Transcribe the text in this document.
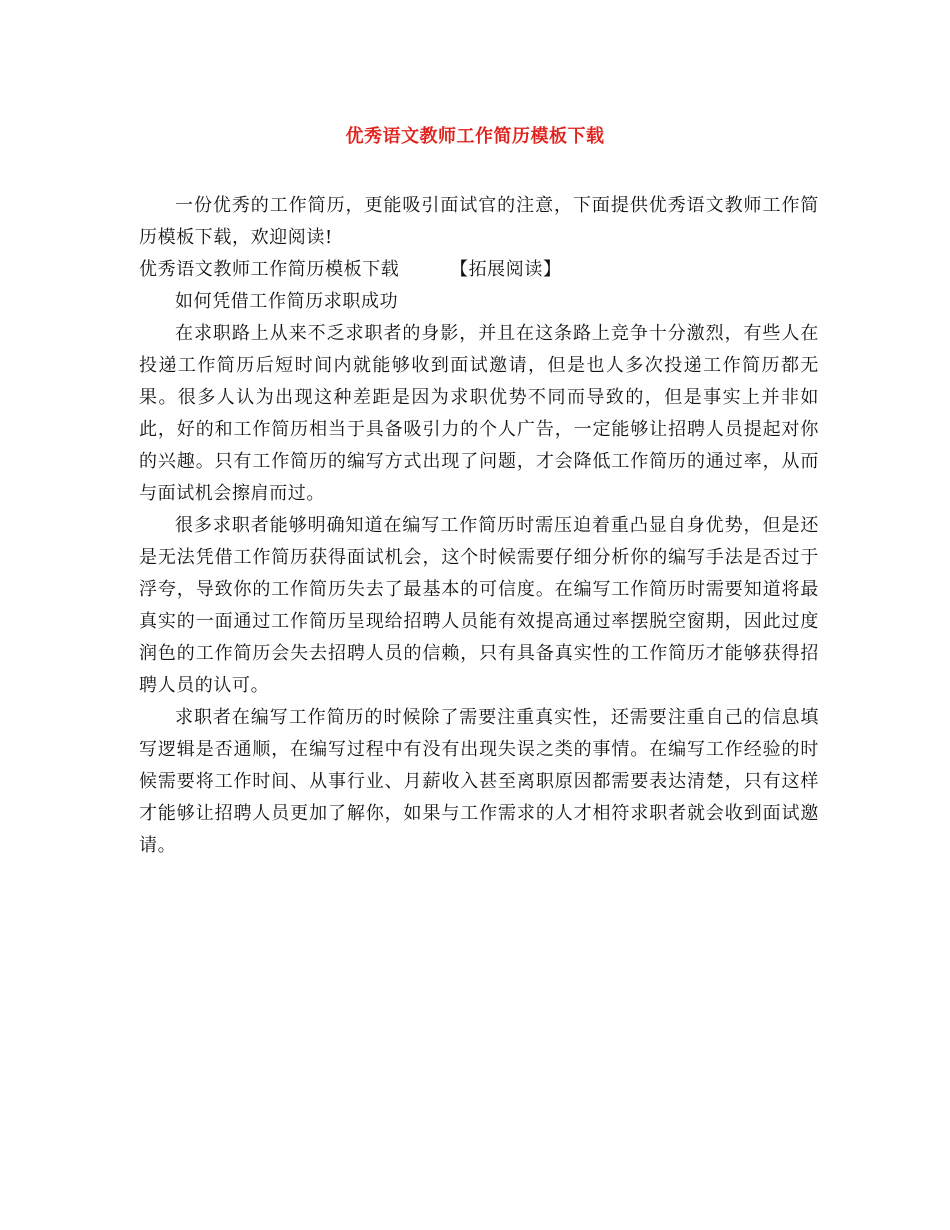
优秀语文教师工作简历模板下载

一份优秀的工作简历，更能吸引面试官的注意，下面提供优秀语文教师工作简历模板下载，欢迎阅读!

优秀语文教师工作简历模板下载	【拓展阅读】

如何凭借工作简历求职成功

在求职路上从来不乏求职者的身影，并且在这条路上竞争十分激烈，有些人在投递工作简历后短时间内就能够收到面试邀请，但是也人多次投递工作简历都无果。很多人认为出现这种差距是因为求职优势不同而导致的，但是事实上并非如此，好的和工作简历相当于具备吸引力的个人广告，一定能够让招聘人员提起对你的兴趣。只有工作简历的编写方式出现了问题，才会降低工作简历的通过率，从而与面试机会擦肩而过。

很多求职者能够明确知道在编写工作简历时需压迫着重凸显自身优势，但是还是无法凭借工作简历获得面试机会，这个时候需要仔细分析你的编写手法是否过于浮夸，导致你的工作简历失去了最基本的可信度。在编写工作简历时需要知道将最真实的一面通过工作简历呈现给招聘人员能有效提高通过率摆脱空窗期，因此过度润色的工作简历会失去招聘人员的信赖，只有具备真实性的工作简历才能够获得招聘人员的认可。

求职者在编写工作简历的时候除了需要注重真实性，还需要注重自己的信息填写逻辑是否通顺，在编写过程中有没有出现失误之类的事情。在编写工作经验的时候需要将工作时间、从事行业、月薪收入甚至离职原因都需要表达清楚，只有这样才能够让招聘人员更加了解你，如果与工作需求的人才相符求职者就会收到面试邀请。
